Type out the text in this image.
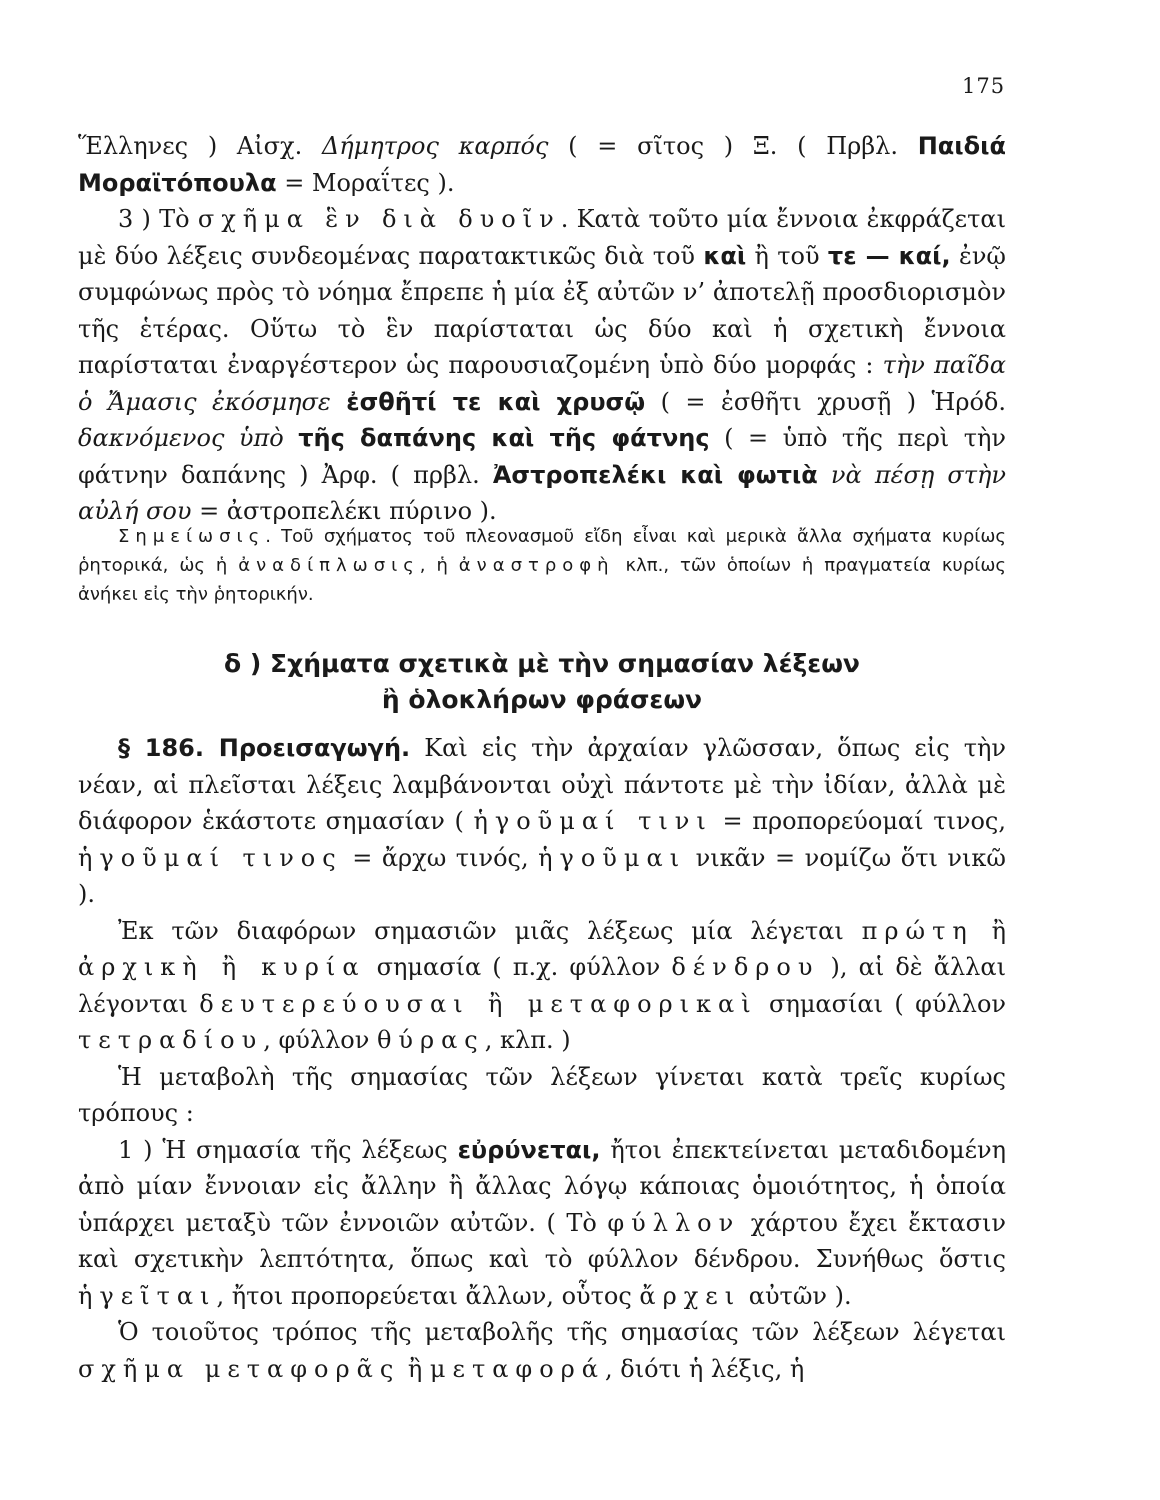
175

Ἕλληνες ) Αἰσχ. Δήμητρος καρπός ( = σῖτος ) Ξ. ( Πρβλ. Παιδιά Μοραϊτόπουλα = Μοραΐτες ).

3 ) Τὸ σχῆμα ἓν διὰ δυοῖν. Κατὰ τοῦτο μία ἔννοια ἐκφράζεται μὲ δύο λέξεις συνδεομένας παρατακτικῶς διὰ τοῦ καὶ ἢ τοῦ τε — καί, ἐνῷ συμφώνως πρὸς τὸ νόημα ἔπρεπε ἡ μία ἐξ αὐτῶν ν’ ἀποτελῇ προσδιορισμὸν τῆς ἑτέρας. Οὕτω τὸ ἓν παρίσταται ὡς δύο καὶ ἡ σχετικὴ ἔννοια παρίσταται ἐναργέστερον ὡς παρουσιαζομένη ὑπὸ δύο μορφάς : τὴν παῖδα ὁ Ἄμασις ἐκόσμησε ἐσθῆτί τε καὶ χρυσῷ ( = ἐσθῆτι χρυσῇ ) Ἡρόδ. δακνόμενος ὑπὸ τῆς δαπάνης καὶ τῆς φάτνης ( = ὑπὸ τῆς περὶ τὴν φάτνην δαπάνης ) Ἀρφ. ( πρβλ. Ἀστροπελέκι καὶ φωτιὰ νὰ πέσῃ στὴν αὐλή σου = ἀστροπελέκι πύρινο ).

Σημείωσις. Τοῦ σχήματος τοῦ πλεονασμοῦ εἴδη εἶναι καὶ μερικὰ ἄλλα σχήματα κυρίως ῥητορικά, ὡς ἡ ἀναδίπλωσις, ἡ ἀναστροφὴ κλπ., τῶν ὁποίων ἡ πραγματεία κυρίως ἀνήκει εἰς τὴν ῥητορικήν.

δ ) Σχήματα σχετικὰ μὲ τὴν σημασίαν λέξεων
ἢ ὁλοκλήρων φράσεων

§ 186. Προεισαγωγή. Καὶ εἰς τὴν ἀρχαίαν γλῶσσαν, ὅπως εἰς τὴν νέαν, αἱ πλεῖσται λέξεις λαμβάνονται οὐχὶ πάντοτε μὲ τὴν ἰδίαν, ἀλλὰ μὲ διάφορον ἑκάστοτε σημασίαν ( ἡγοῦμαί τινι = προπορεύομαί τινος, ἡγοῦμαί τινος = ἄρχω τινός, ἡγοῦμαι νικᾶν = νομίζω ὅτι νικῶ ).

Ἐκ τῶν διαφόρων σημασιῶν μιᾶς λέξεως μία λέγεται πρώτη ἢ ἀρχικὴ ἢ κυρία σημασία ( π.χ. φύλλον δένδρου ), αἱ δὲ ἄλλαι λέγονται δευτερεύουσαι ἢ μεταφορικαὶ σημασίαι ( φύλλον τετραδίου, φύλλον θύρας, κλπ. )

Ἡ μεταβολὴ τῆς σημασίας τῶν λέξεων γίνεται κατὰ τρεῖς κυρίως τρόπους :

1 ) Ἡ σημασία τῆς λέξεως εὐρύνεται, ἤτοι ἐπεκτείνεται μεταδιδομένη ἀπὸ μίαν ἔννοιαν εἰς ἄλλην ἢ ἄλλας λόγῳ κάποιας ὁμοιότητος, ἡ ὁποία ὑπάρχει μεταξὺ τῶν ἐννοιῶν αὐτῶν. ( Τὸ φύλλον χάρτου ἔχει ἔκτασιν καὶ σχετικὴν λεπτότητα, ὅπως καὶ τὸ φύλλον δένδρου. Συνήθως ὅστις ἡγεῖται, ἤτοι προπορεύεται ἄλλων, οὗτος ἄρχει αὐτῶν ).

Ὁ τοιοῦτος τρόπος τῆς μεταβολῆς τῆς σημασίας τῶν λέξεων λέγεται σχῆμα μεταφορᾶς ἢ μεταφορά, διότι ἡ λέξις, ἡ
